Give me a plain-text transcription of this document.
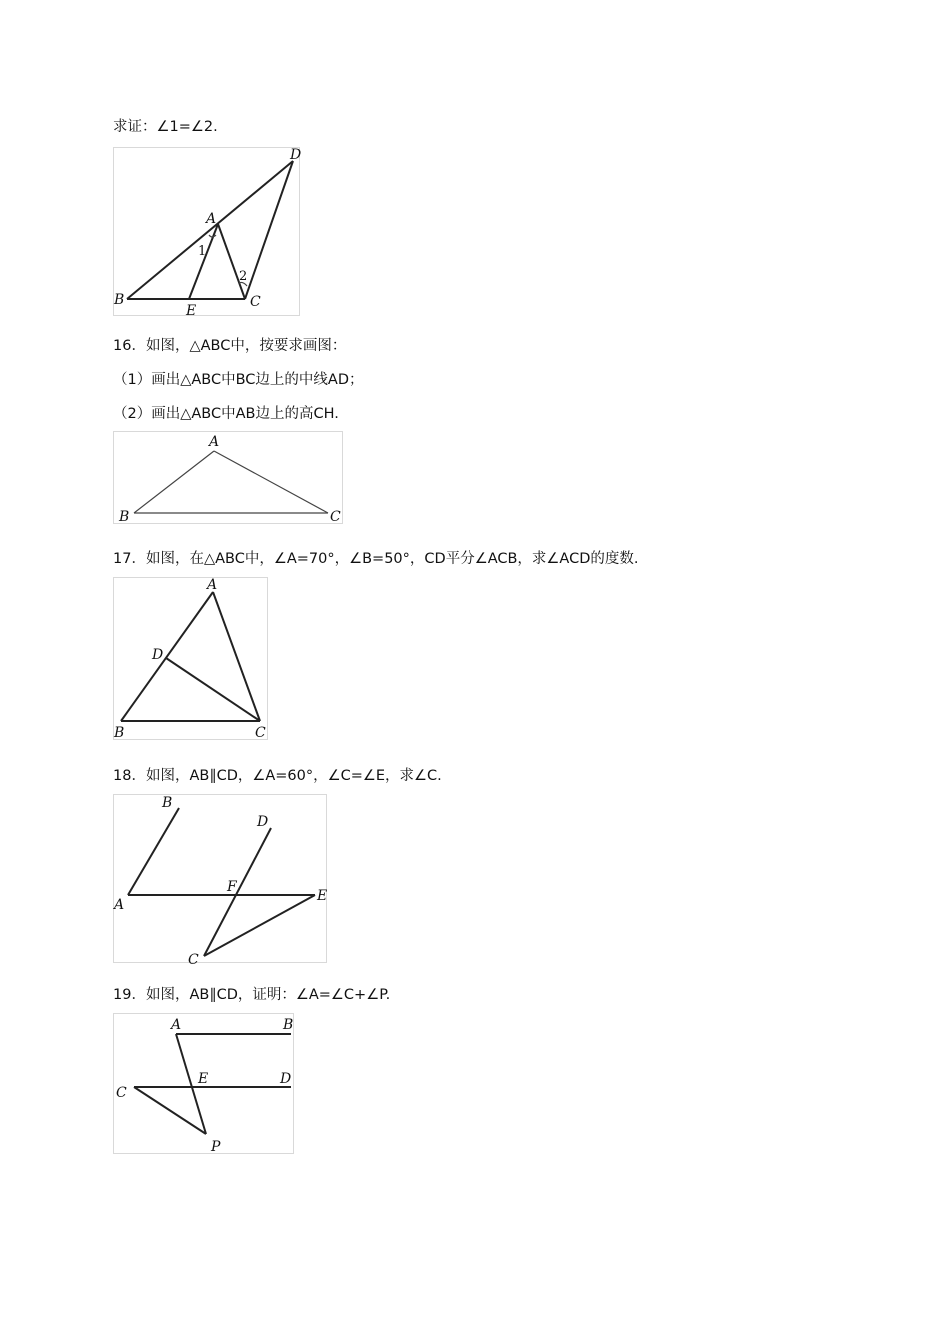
求证：∠1=∠2.
D
A
1
2
B
E
C
16．如图，△ABC中，按要求画图：
（1）画出△ABC中BC边上的中线AD；
（2）画出△ABC中AB边上的高CH.
A
B	C
17．如图，在△ABC中，∠A=70°，∠B=50°，CD平分∠ACB，求∠ACD的度数.
A
D
B	C
18．如图，AB∥CD，∠A=60°，∠C=∠E，求∠C.
B
D
F
E
A
C
19．如图，AB∥CD，证明：∠A=∠C+∠P.
A	B
E	D
C
P
